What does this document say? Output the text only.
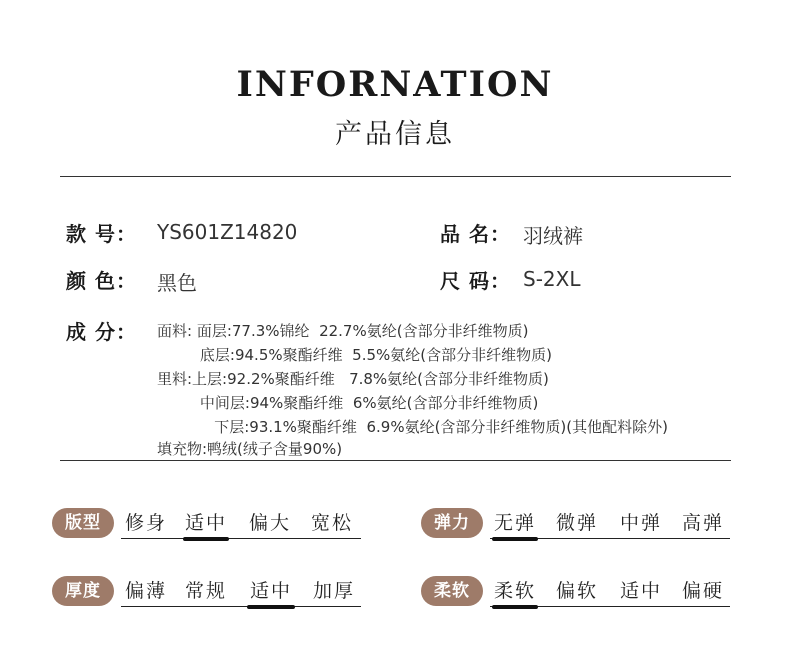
INFORNATION
产品信息
款 号： YS601Z14820	品 名： 羽绒裤
颜 色： 黑色	尺 码： S-2XL
成 分： 面料: 面层:77.3%锦纶  22.7%氨纶(含部分非纤维物质)
底层:94.5%聚酯纤维  5.5%氨纶(含部分非纤维物质)
里料:上层:92.2%聚酯纤维   7.8%氨纶(含部分非纤维物质)
中间层:94%聚酯纤维  6%氨纶(含部分非纤维物质)
下层:93.1%聚酯纤维  6.9%氨纶(含部分非纤维物质)(其他配料除外)
填充物:鸭绒(绒子含量90%)
版型	修身 适中 偏大 宽松	弹力	无弹 微弹 中弹 高弹
厚度	偏薄 常规 适中 加厚	柔软	柔软 偏软 适中 偏硬
